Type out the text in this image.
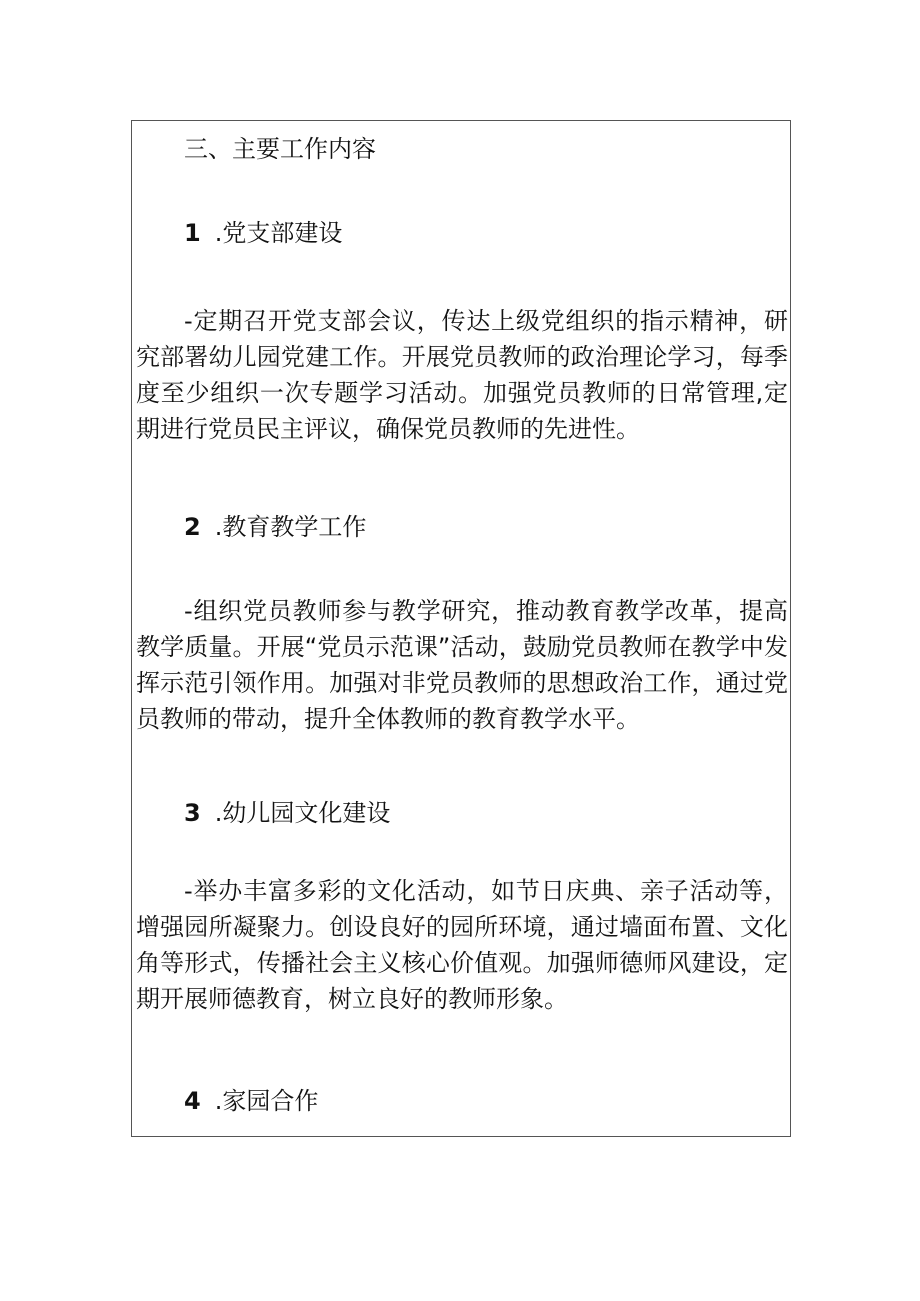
三、主要工作内容
1 .党支部建设

-定期召开党支部会议，传达上级党组织的指示精神，研究部署幼儿园党建工作。开展党员教师的政治理论学习，每季度至少组织一次专题学习活动。加强党员教师的日常管理,定期进行党员民主评议，确保党员教师的先进性。

2 .教育教学工作

-组织党员教师参与教学研究，推动教育教学改革，提高教学质量。开展“党员示范课”活动，鼓励党员教师在教学中发挥示范引领作用。加强对非党员教师的思想政治工作，通过党员教师的带动，提升全体教师的教育教学水平。

3 .幼儿园文化建设

-举办丰富多彩的文化活动，如节日庆典、亲子活动等，增强园所凝聚力。创设良好的园所环境，通过墙面布置、文化角等形式，传播社会主义核心价值观。加强师德师风建设，定期开展师德教育，树立良好的教师形象。

4 .家园合作
